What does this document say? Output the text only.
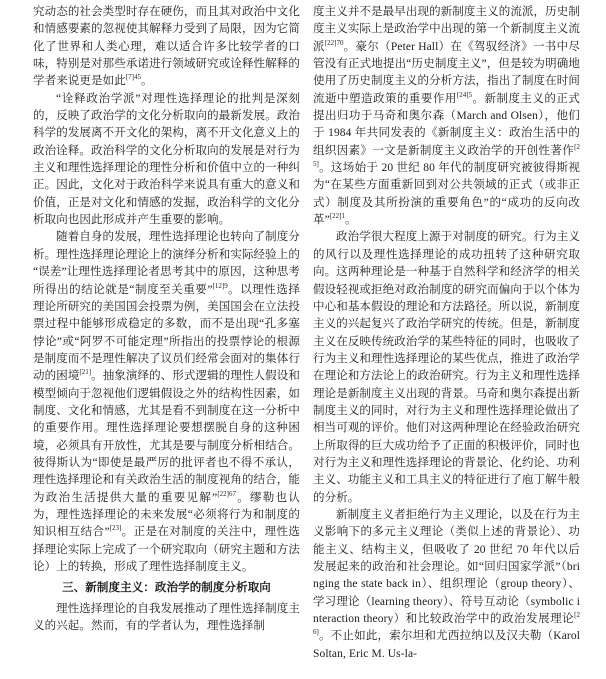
究动态的社会类型时存在硬伤，而且其对政治中文化和情感要素的忽视使其解释力受到了局限，因为它简化了世界和人类心理，难以适合许多比较学者的口味，特别是对那些承诺进行领域研究或诠释性解释的学者来说更是如此$^{[7]45}$。

“诠释政治学派”对理性选择理论的批判是深刻的，反映了政治学的文化分析取向的最新发展。政治科学的发展离不开文化的架构，离不开文化意义上的政治诠释。政治科学的文化分析取向的发展是对行为主义和理性选择理论的理性分析和价值中立的一种纠正。因此，文化对于政治科学来说具有重大的意义和价值，正是对文化和情感的发掘，政治科学的文化分析取向也因此形成并产生重要的影响。

随着自身的发展，理性选择理论也转向了制度分析。理性选择理论理论上的演绎分析和实际经验上的“误差”让理性选择理论者思考其中的原因，这种思考所得出的结论就是“制度至关重要”$^{[12]9}$。以理性选择理论所研究的美国国会投票为例，美国国会在立法投票过程中能够形成稳定的多数，而不是出现“孔多塞悖论”或“阿罗不可能定理”所指出的投票悖论的根源是制度而不是理性解决了议员们经常会面对的集体行动的困境[21]。抽象演绎的、形式逻辑的理性人假设和模型倾向于忽视他们逻辑假设之外的结构性因素，如制度、文化和情感，尤其是看不到制度在这一分析中的重要作用。理性选择理论要想摆脱自身的这种困境，必须具有开放性，尤其是要与制度分析相结合。彼得斯认为“即使是最严厉的批评者也不得不承认，理性选择理论和有关政治生活的制度视角的结合，能为政治生活提供大量的重要见解”$^{[22]67}$。缪勒也认为，理性选择理论的未来发展“必须将行为和制度的知识相互结合”[23]。正是在对制度的关注中，理性选择理论实际上完成了一个研究取向（研究主题和方法论）上的转换，形成了理性选择制度主义。

三、新制度主义：政治学的制度分析取向

理性选择理论的自我发展推动了理性选择制度主义的兴起。然而，有的学者认为，理性选择制

度主义并不是最早出现的新制度主义的流派，历史制度主义实际上是政治学中出现的第一个新制度主义流派$^{[22]70}$。豪尔（Peter Hall）在《驾驭经济》一书中尽管没有正式地提出“历史制度主义”，但是较为明确地使用了历史制度主义的分析方法，指出了制度在时间流逝中塑造政策的重要作用$^{[24]5}$。新制度主义的正式提出归功于马奇和奥尔森（March and Olsen），他们于 1984 年共同发表的《新制度主义：政治生活中的组织因素》一文是新制度主义政治学的开创性著作[25]。这场始于 20 世纪 80 年代的制度研究被彼得斯视为“在某些方面重新回到对公共领域的正式（或非正式）制度及其所扮演的重要角色”的“成功的反向改革”$^{[22]1}$。

政治学很大程度上源于对制度的研究。行为主义的风行以及理性选择理论的成功扭转了这种研究取向。这两种理论是一种基于自然科学和经济学的相关假设轻视或拒绝对政治制度的研究而偏向于以个体为中心和基本假设的理论和方法路径。所以说，新制度主义的兴起复兴了政治学研究的传统。但是，新制度主义在反映传统政治学的某些特征的同时，也吸收了行为主义和理性选择理论的某些优点，推进了政治学在理论和方法论上的政治研究。行为主义和理性选择理论是新制度主义出现的背景。马奇和奥尔森提出新制度主义的同时，对行为主义和理性选择理论做出了相当可观的评价。他们对这两种理论在经验政治研究上所取得的巨大成功给予了正面的积极评价，同时也对行为主义和理性选择理论的背景论、化约论、功利主义、功能主义和工具主义的特征进行了庖丁解牛般的分析。

新制度主义者拒绝行为主义理论，以及在行为主义影响下的多元主义理论（类似上述的背景论）、功能主义、结构主义，但吸收了 20 世纪 70 年代以后发展起来的政治和社会理论。如“回归国家学派”（bringing the state back in）、组织理论（group theory）、学习理论（learning theory）、符号互动论（symbolic interaction theory）和比较政治学中的政治发展理论[26]。不止如此，索尔坦和尤西拉纳以及汉夫勒（Karol Soltan, Eric M. Us-la-
